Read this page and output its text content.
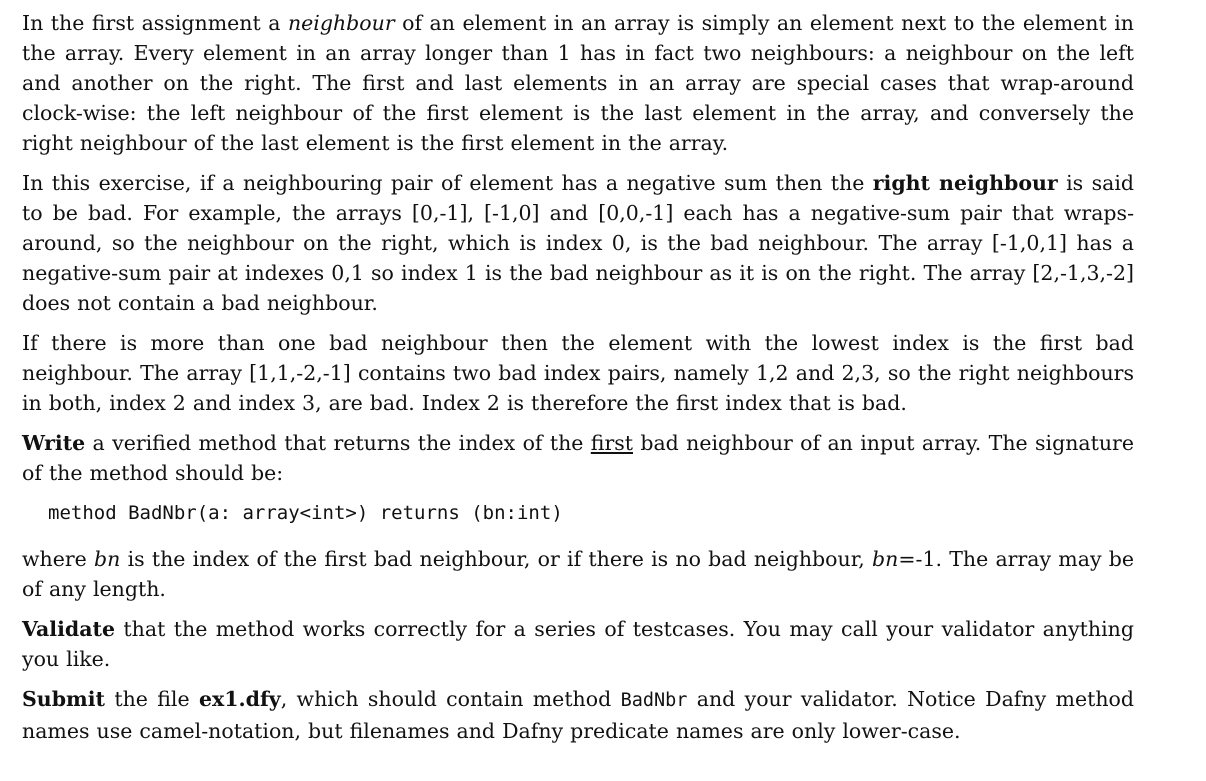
In the first assignment a neighbour of an element in an array is simply an element next to the element in the array. Every element in an array longer than 1 has in fact two neighbours: a neighbour on the left and another on the right. The first and last elements in an array are special cases that wrap-around clock-wise: the left neighbour of the first element is the last element in the array, and conversely the right neighbour of the last element is the first element in the array.

In this exercise, if a neighbouring pair of element has a negative sum then the right neighbour is said to be bad. For example, the arrays [0,-1], [-1,0] and [0,0,-1] each has a negative-sum pair that wraps-around, so the neighbour on the right, which is index 0, is the bad neighbour. The array [-1,0,1] has a negative-sum pair at indexes 0,1 so index 1 is the bad neighbour as it is on the right. The array [2,-1,3,-2] does not contain a bad neighbour.

If there is more than one bad neighbour then the element with the lowest index is the first bad neighbour. The array [1,1,-2,-1] contains two bad index pairs, namely 1,2 and 2,3, so the right neighbours in both, index 2 and index 3, are bad. Index 2 is therefore the first index that is bad.

Write a verified method that returns the index of the first bad neighbour of an input array. The signature of the method should be:

method BadNbr(a: array<int>) returns (bn:int)

where bn is the index of the first bad neighbour, or if there is no bad neighbour, bn=-1. The array may be of any length.

Validate that the method works correctly for a series of testcases. You may call your validator anything you like.

Submit the file ex1.dfy, which should contain method BadNbr and your validator. Notice Dafny method names use camel-notation, but filenames and Dafny predicate names are only lower-case.
